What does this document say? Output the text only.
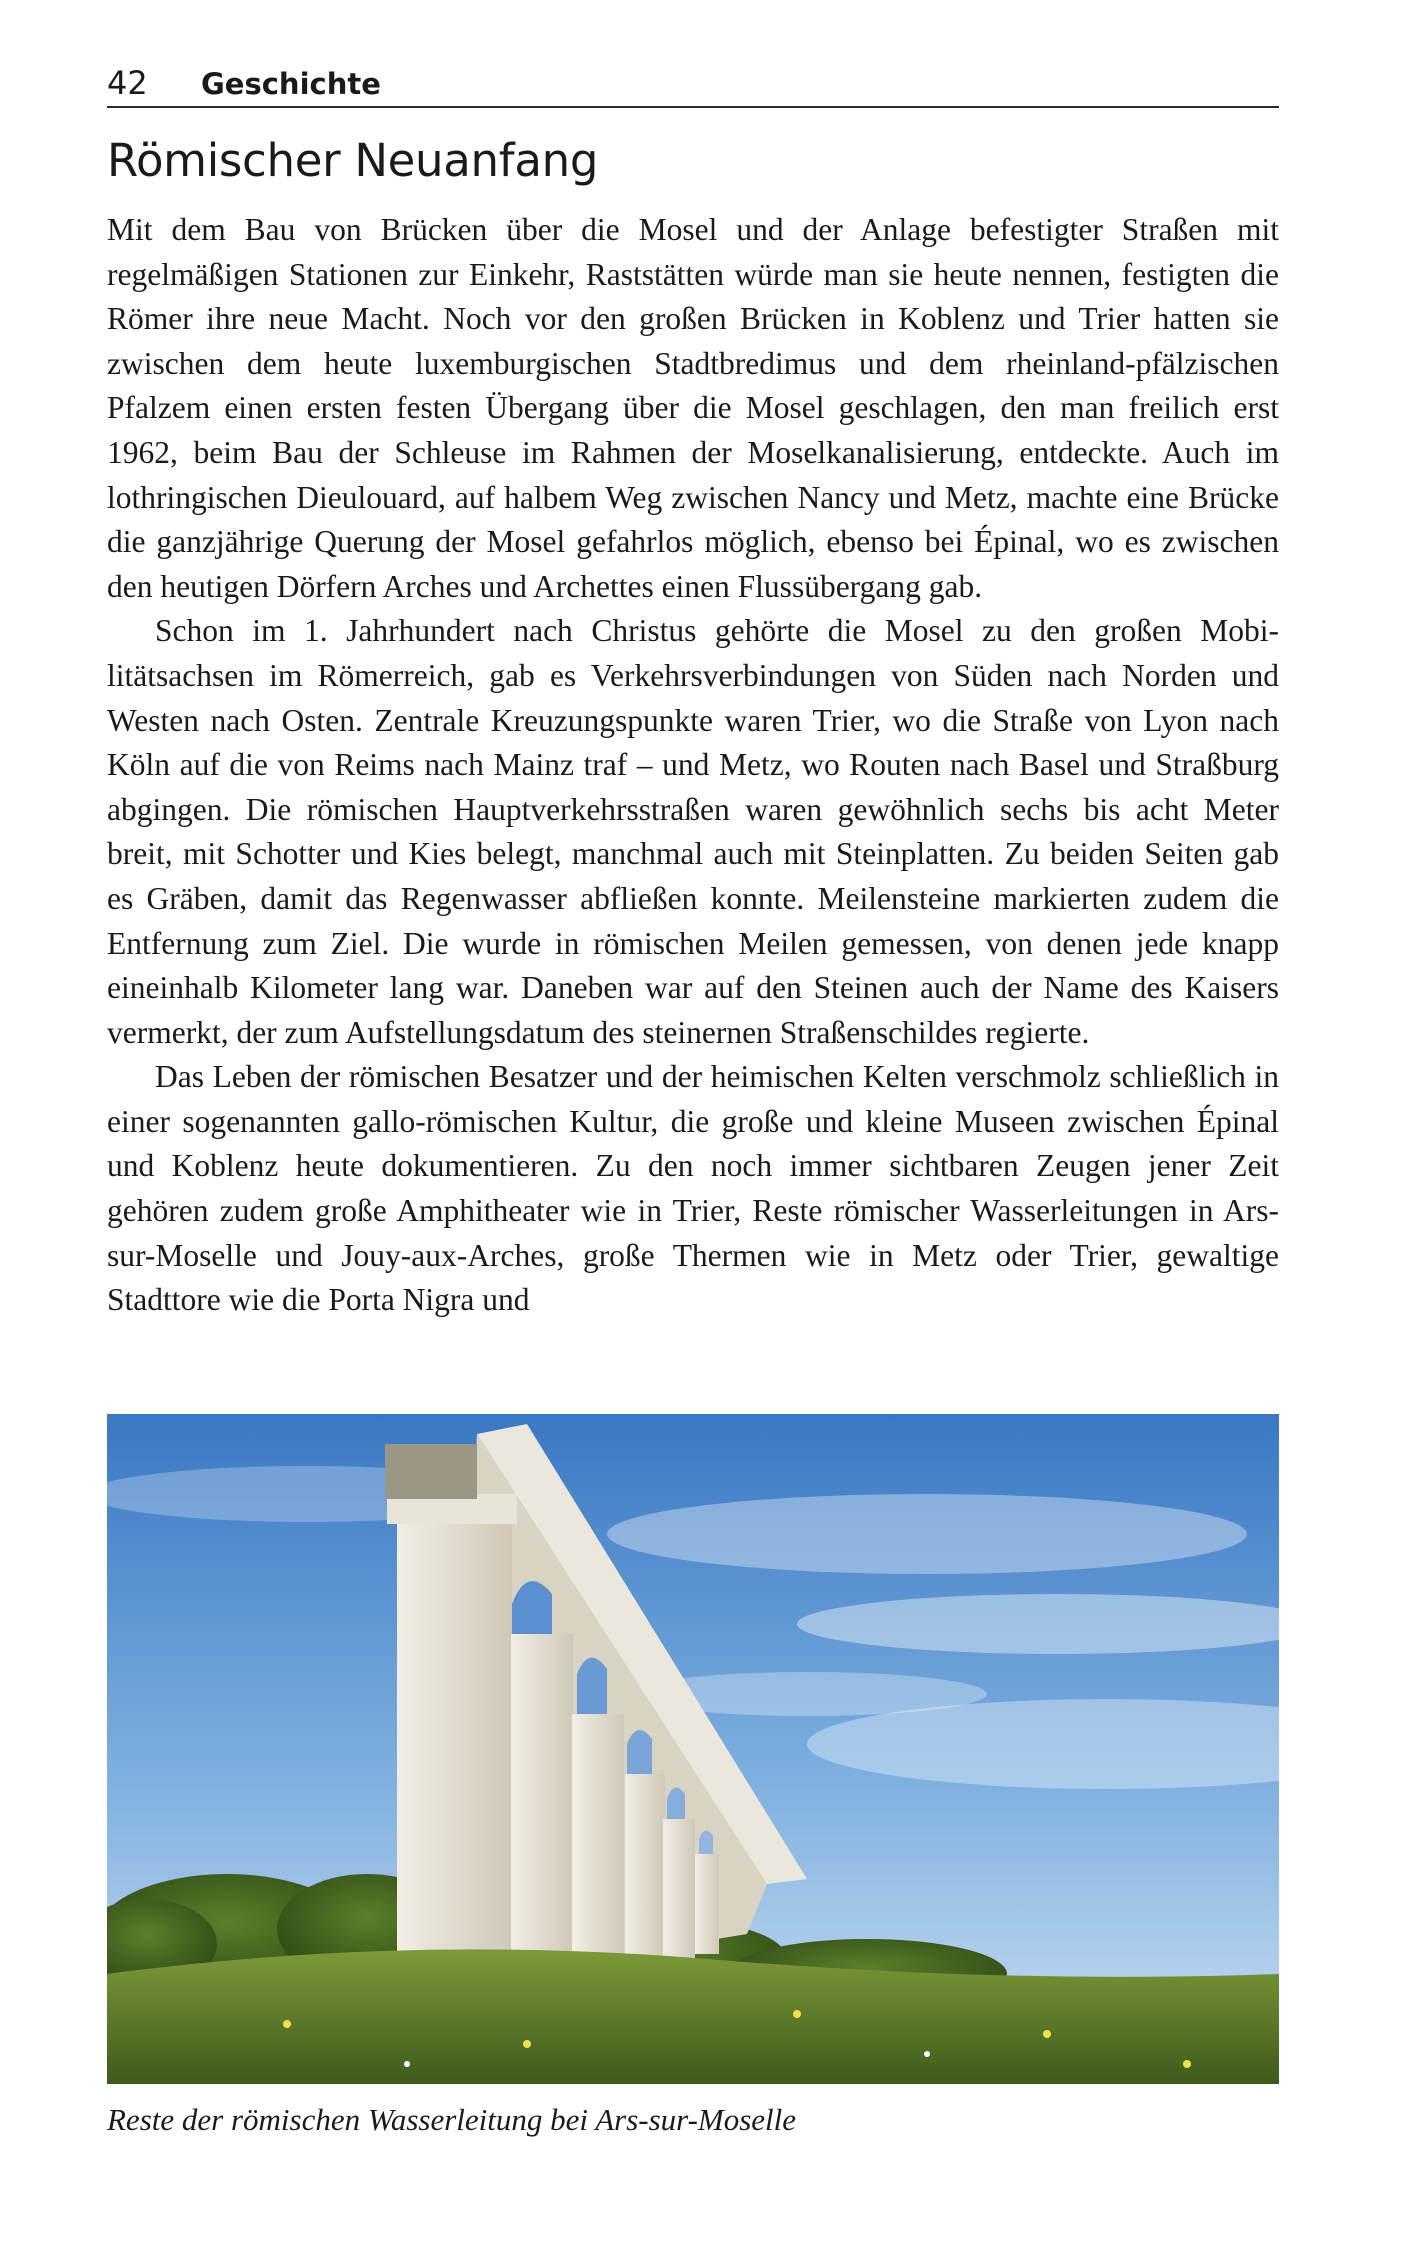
42 Geschichte
Römischer Neuanfang

Mit dem Bau von Brücken über die Mosel und der Anlage befestigter Straßen mit regelmäßigen Stationen zur Einkehr, Raststätten würde man sie heute nennen, festigten die Römer ihre neue Macht. Noch vor den großen Brücken in Koblenz und Trier hatten sie zwischen dem heute luxemburgischen Stadtbredimus und dem rheinland-pfälzischen Pfalzem einen ersten festen Übergang über die Mosel geschlagen, den man freilich erst 1962, beim Bau der Schleuse im Rahmen der Moselkanalisierung, entdeckte. Auch im lothringischen Dieulouard, auf halbem Weg zwischen Nancy und Metz, machte eine Brücke die ganzjährige Querung der Mosel gefahrlos möglich, ebenso bei Épinal, wo es zwischen den heutigen Dörfern Arches und Archettes einen Flussübergang gab.

Schon im 1. Jahrhundert nach Christus gehörte die Mosel zu den großen Mobilitätsachsen im Römerreich, gab es Verkehrsverbindungen von Süden nach Norden und Westen nach Osten. Zentrale Kreuzungspunkte waren Trier, wo die Straße von Lyon nach Köln auf die von Reims nach Mainz traf – und Metz, wo Routen nach Basel und Straßburg abgingen. Die römischen Hauptverkehrsstraßen waren gewöhnlich sechs bis acht Meter breit, mit Schotter und Kies belegt, manchmal auch mit Steinplatten. Zu beiden Seiten gab es Gräben, damit das Regenwasser abfließen konnte. Meilensteine markierten zudem die Entfernung zum Ziel. Die wurde in römischen Meilen gemessen, von denen jede knapp eineinhalb Kilometer lang war. Daneben war auf den Steinen auch der Name des Kaisers vermerkt, der zum Aufstellungsdatum des steinernen Straßenschildes regierte.

Das Leben der römischen Besatzer und der heimischen Kelten verschmolz schließlich in einer sogenannten gallo-römischen Kultur, die große und kleine Museen zwischen Épinal und Koblenz heute dokumentieren. Zu den noch immer sichtbaren Zeugen jener Zeit gehören zudem große Amphitheater wie in Trier, Reste römischer Wasserleitungen in Ars-sur-Moselle und Jouy-aux-Arches, große Thermen wie in Metz oder Trier, gewaltige Stadttore wie die Porta Nigra und

Reste der römischen Wasserleitung bei Ars-sur-Moselle
